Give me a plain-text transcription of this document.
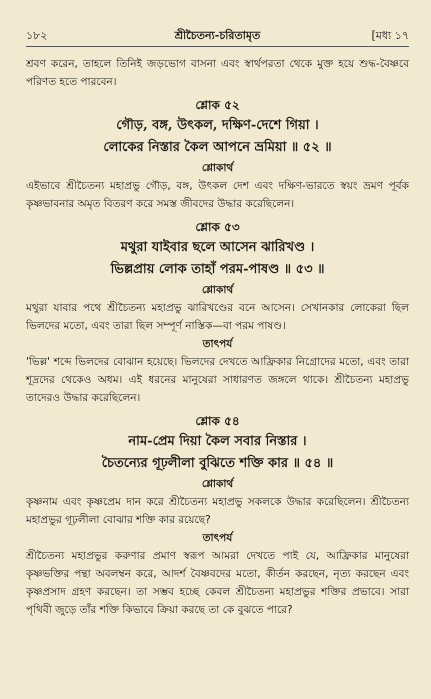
১৮২	শ্রীচৈতন্য-চরিতামৃত	[মধ্য ১৭

শ্রবণ করেন, তাহলে তিনিই জড়ভোগ বাসনা এবং স্বার্থপরতা থেকে মুক্ত হয়ে শুদ্ধ-বৈষ্ণবে পরিণত হতে পারবেন।

শ্লোক ৫২
গৌড়, বঙ্গ, উৎকল, দক্ষিণ-দেশে গিয়া ।
লোকের নিস্তার কৈল আপনে ভ্রমিয়া ॥ ৫২ ॥
শ্লোকার্থ

এইভাবে শ্রীচৈতন্য মহাপ্রভু গৌড়, বঙ্গ, উৎকল দেশ এবং দক্ষিণ-ভারতে স্বয়ং ভ্রমণ পূর্বক কৃষ্ণভাবনার অমৃত বিতরণ করে সমস্ত জীবদের উদ্ধার করেছিলেন।

শ্লোক ৫৩
মথুরা যাইবার ছলে আসেন ঝারিখণ্ড ।
ভিল্লপ্রায় লোক তাহাঁ পরম-পাষণ্ড ॥ ৫৩ ॥
শ্লোকার্থ

মথুরা যাবার পথে শ্রীচৈতন্য মহাপ্রভু ঝারিখণ্ডের বনে আসেন। সেখানকার লোকেরা ছিল ভিলদের মতো, এবং তারা ছিল সম্পূর্ণ নাস্তিক—বা পরম পাষণ্ড।

তাৎপর্য

'ভিল্ল' শব্দে ভিলদের বোঝান হয়েছে। ভিলদের দেখতে আফ্রিকার নিগ্রোদের মতো, এবং তারা শূদ্রদের থেকেও অধম। এই ধরনের মানুষেরা সাধারণত জঙ্গলে থাকে। শ্রীচৈতন্য মহাপ্রভু তাদেরও উদ্ধার করেছিলেন।

শ্লোক ৫৪
নাম-প্রেম দিয়া কৈল সবার নিস্তার ।
চৈতন্যের গূঢ়লীলা বুঝিতে শক্তি কার ॥ ৫৪ ॥
শ্লোকার্থ

কৃষ্ণনাম এবং কৃষ্ণপ্রেম দান করে শ্রীচৈতন্য মহাপ্রভু সকলকে উদ্ধার করেছিলেন। শ্রীচৈতন্য মহাপ্রভুর গূঢ়লীলা বোঝার শক্তি কার রয়েছে?

তাৎপর্য

শ্রীচৈতন্য মহাপ্রভুর করুণার প্রমাণ স্বরূপ আমরা দেখতে পাই যে, আফ্রিকার মানুষেরা কৃষ্ণভক্তির পন্থা অবলম্বন করে, আদর্শ বৈষ্ণবদের মতো, কীর্তন করছেন, নৃত্য করছেন এবং কৃষ্ণপ্রসাদ গ্রহণ করছেন। তা সম্ভব হচ্ছে কেবল শ্রীচৈতন্য মহাপ্রভুর শক্তির প্রভাবে। সারা পৃথিবী জুড়ে তাঁর শক্তি কিভাবে ক্রিয়া করছে তা কে বুঝতে পারে?
